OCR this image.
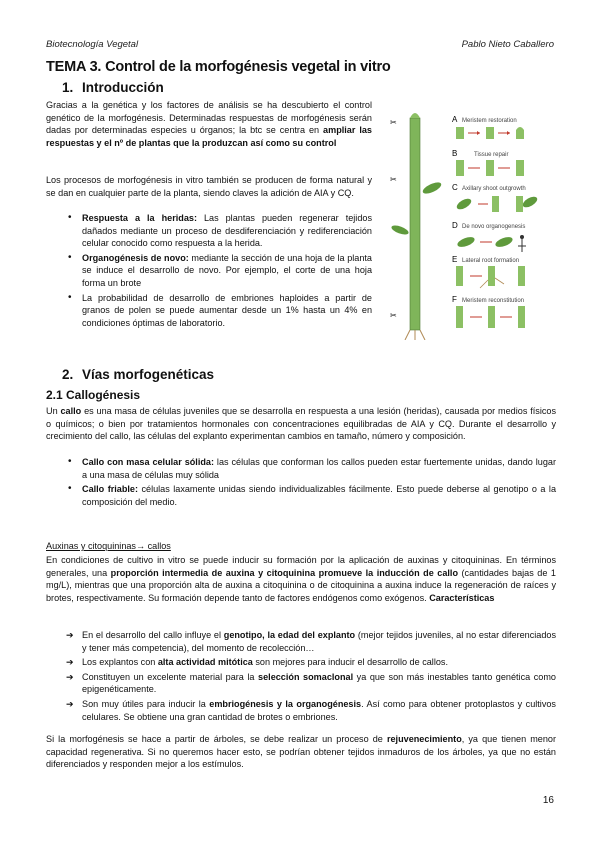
Biotecnología Vegetal	Pablo Nieto Caballero
TEMA 3. Control de la morfogénesis vegetal in vitro
1. Introducción
Gracias a la genética y los factores de análisis se ha descubierto el control genético de la morfogénesis. Determinadas respuestas de morfogénesis serán dadas por determinadas especies u órganos; la btc se centra en ampliar las respuestas y el nº de plantas que la produzcan así como su control
Los procesos de morfogénesis in vitro también se producen de forma natural y se dan en cualquier parte de la planta, siendo claves la adición de AIA y CQ.
• Respuesta a la heridas: Las plantas pueden regenerar tejidos dañados mediante un proceso de desdiferenciación y rediferenciación celular conocido como respuesta a la herida.
• Organogénesis de novo: mediante la sección de una hoja de la planta se induce el desarrollo de novo. Por ejemplo, el corte de una hoja forma un brote
• La probabilidad de desarrollo de embriones haploides a partir de granos de polen se puede aumentar desde un 1% hasta un 4% en condiciones óptimas de laboratorio.
✂
✂
✂
A Meristem restoration
B	Tissue repair
C Axillary shoot outgrowth
D De novo organogenesis
E Lateral root formation
F Meristem reconstitution
2. Vías morfogenéticas
2.1 Callogénesis
Un callo es una masa de células juveniles que se desarrolla en respuesta a una lesión (heridas), causada por medios físicos o químicos; o bien por tratamientos hormonales con concentraciones equilibradas de AIA y CQ. Durante el desarrollo y crecimiento del callo, las células del explanto experimentan cambios en tamaño, número y composición.
• Callo con masa celular sólida: las células que conforman los callos pueden estar fuertemente unidas, dando lugar a una masa de células muy sólida
• Callo friable: células laxamente unidas siendo individualizables fácilmente. Esto puede deberse al genotipo o a la composición del medio.
Auxinas y citoquininas→ callos
En condiciones de cultivo in vitro se puede inducir su formación por la aplicación de auxinas y citoquininas. En términos generales, una proporción intermedia de auxina y citoquinina promueve la inducción de callo (cantidades bajas de 1 mg/L), mientras que una proporción alta de auxina a citoquinina o de citoquinina a auxina induce la regeneración de raíces y brotes, respectivamente. Su formación depende tanto de factores endógenos como exógenos. Características
➔ En el desarrollo del callo influye el genotipo, la edad del explanto (mejor tejidos juveniles, al no estar diferenciados y tener más competencia), del momento de recolección…
➔ Los explantos con alta actividad mitótica son mejores para inducir el desarrollo de callos.
➔ Constituyen un excelente material para la selección somaclonal ya que son más inestables tanto genética como epigenéticamente.
➔ Son muy útiles para inducir la embriogénesis y la organogénesis. Así como para obtener protoplastos y cultivos celulares. Se obtiene una gran cantidad de brotes o embriones.
Si la morfogénesis se hace a partir de árboles, se debe realizar un proceso de rejuvenecimiento, ya que tienen menor capacidad regenerativa. Si no queremos hacer esto, se podrían obtener tejidos inmaduros de los árboles, ya que no están diferenciados y responden mejor a los estímulos.
16
